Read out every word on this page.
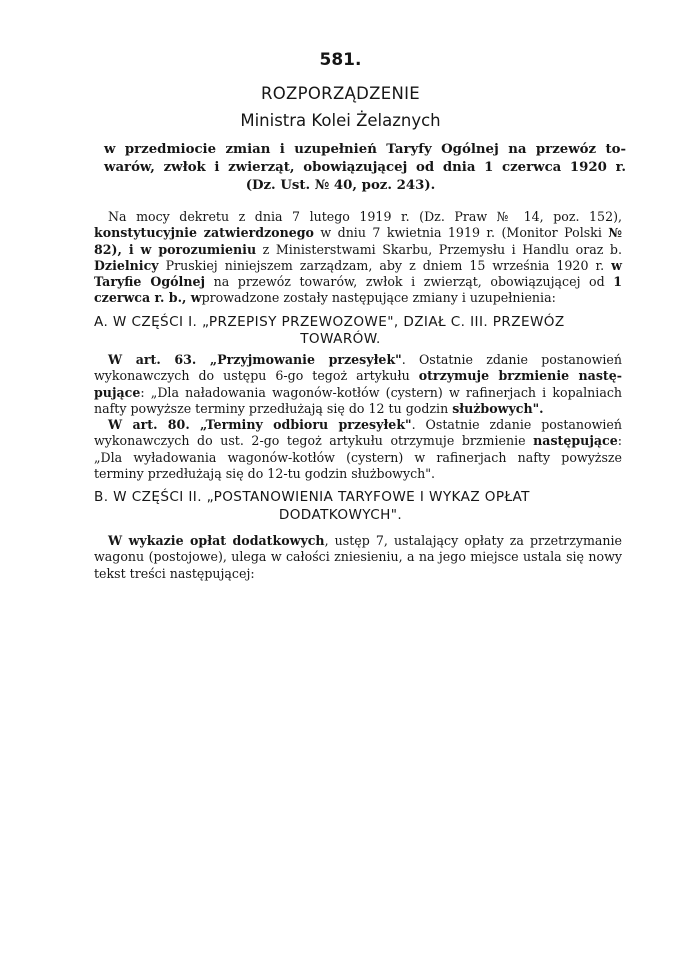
581.
ROZPORZĄDZENIE
Ministra Kolei Żelaznych
w przedmiocie zmian i uzupełnień Taryfy Ogólnej na przewóz to-
warów, zwłok i zwierząt, obowiązującej od dnia 1 czerwca 1920 r.
(Dz. Ust. № 40, poz. 243).
Na mocy dekretu z dnia 7 lutego 1919 r. (Dz. Praw № 14, poz. 152), konstytucyjnie zatwierdzonego w dniu 7 kwietnia 1919 r. (Monitor Polski № 82), i w porozumieniu z Ministerstwami Skarbu, Przemysłu i Handlu oraz b. Dzielnicy Pruskiej niniejszem zarządzam, aby z dniem 15 września 1920 r. w Taryfie Ogólnej na przewóz towarów, zwłok i zwierząt, obowiązującej od 1 czerwca r. b., wprowadzone zostały następujące zmiany i uzupełnienia:
A. W CZĘŚCI I. „PRZEPISY PRZEWOZOWE", DZIAŁ C. III. PRZEWÓZ
TOWARÓW.
W art. 63. „Przyjmowanie przesyłek". Ostatnie zdanie postanowień wykonawczych do ustępu 6-go tegoż artykułu otrzymuje brzmienie nastę-pujące: „Dla naładowania wagonów-kotłów (cystern) w rafinerjach i kopalniach nafty powyższe terminy przedłużają się do 12 tu godzin służbowych".
W art. 80. „Terminy odbioru przesyłek". Ostatnie zdanie postanowień wykonawczych do ust. 2-go tegoż artykułu otrzymuje brzmienie następujące: „Dla wyładowania wagonów-kotłów (cystern) w rafinerjach nafty powyższe terminy przedłużają się do 12-tu godzin służbowych".
B. W CZĘŚCI II. „POSTANOWIENIA TARYFOWE I WYKAZ OPŁAT
DODATKOWYCH".
W wykazie opłat dodatkowych, ustęp 7, ustalający opłaty za przetrzymanie wagonu (postojowe), ulega w całości zniesieniu, a na jego miejsce ustala się nowy tekst treści następującej:
